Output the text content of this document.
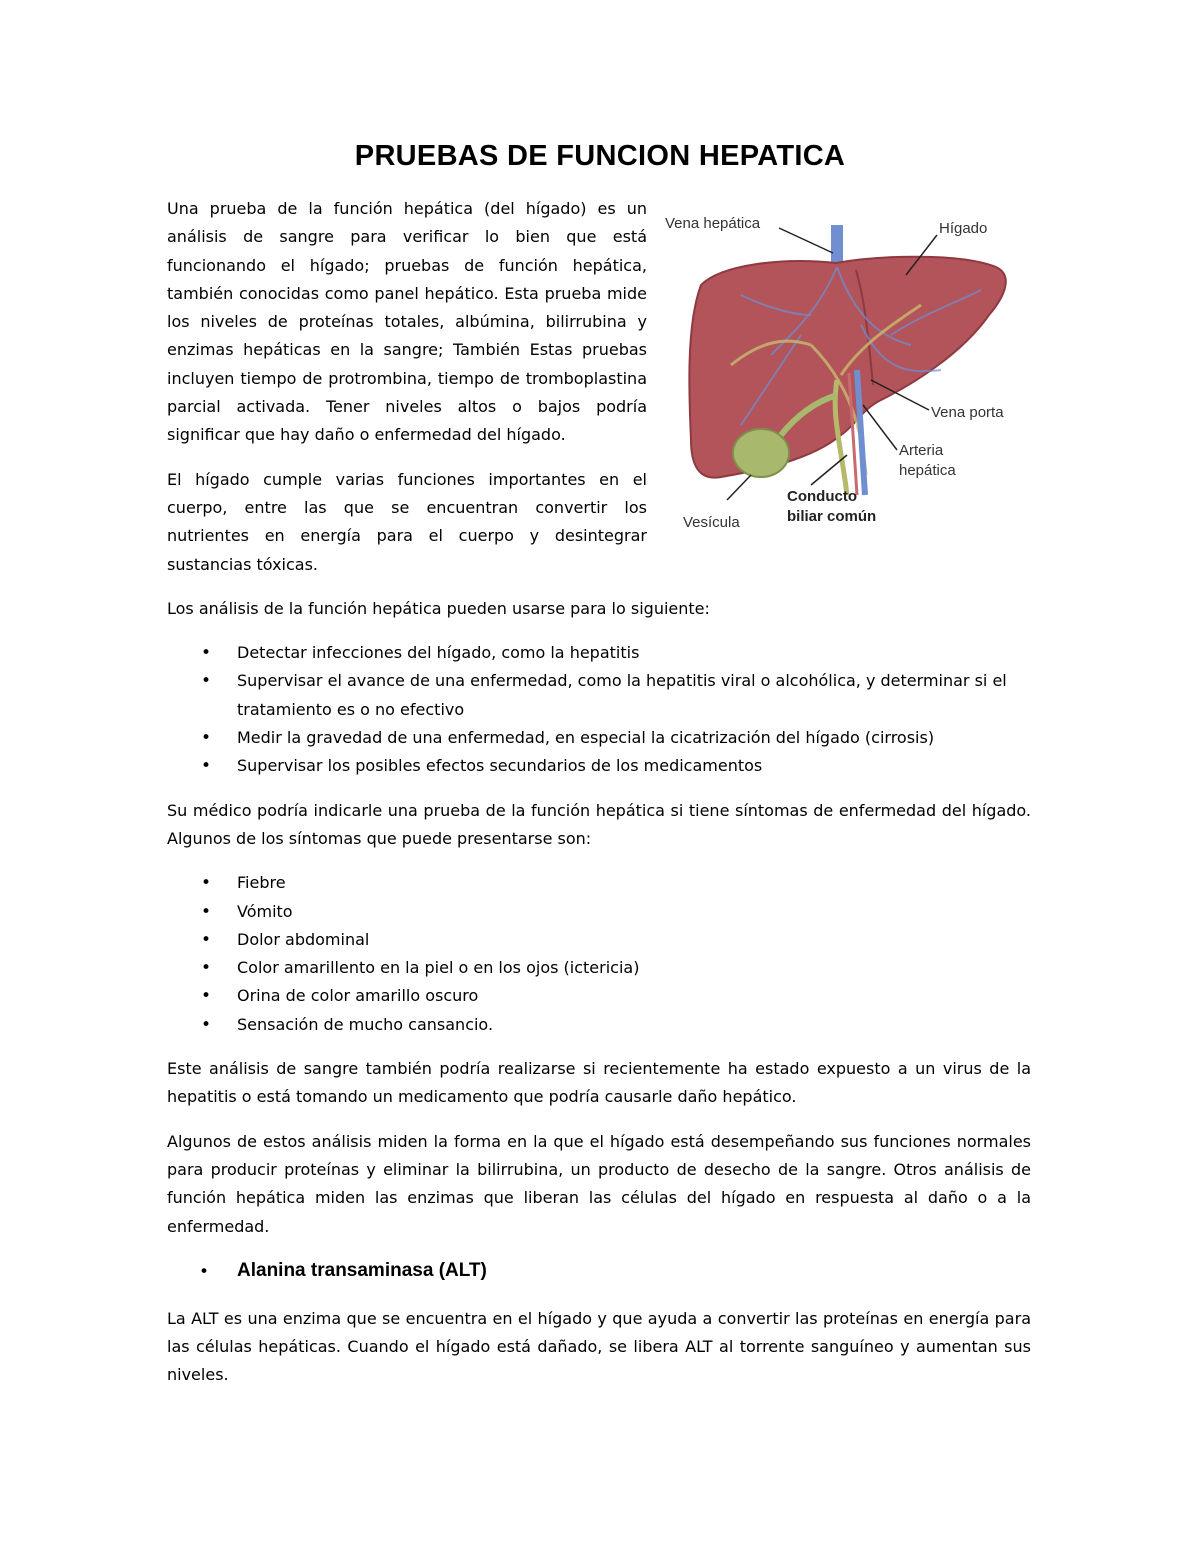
PRUEBAS DE FUNCION HEPATICA
Vena hepática	Hígado
Vena porta
Arteria
hepática
Conducto
biliar común
Vesícula

Una prueba de la función hepática (del hígado) es un análisis de sangre para verificar lo bien que está funcionando el hígado; pruebas de función hepática, también conocidas como panel hepático. Esta prueba mide los niveles de proteínas totales, albúmina, bilirrubina y enzimas hepáticas en la sangre; También Estas pruebas incluyen tiempo de protrombina, tiempo de tromboplastina parcial activada. Tener niveles altos o bajos podría significar que hay daño o enfermedad del hígado.

El hígado cumple varias funciones importantes en el cuerpo, entre las que se encuentran convertir los nutrientes en energía para el cuerpo y desintegrar sustancias tóxicas.

Los análisis de la función hepática pueden usarse para lo siguiente:

• Detectar infecciones del hígado, como la hepatitis
• Supervisar el avance de una enfermedad, como la hepatitis viral o alcohólica, y determinar si el tratamiento es o no efectivo
• Medir la gravedad de una enfermedad, en especial la cicatrización del hígado (cirrosis)
• Supervisar los posibles efectos secundarios de los medicamentos

Su médico podría indicarle una prueba de la función hepática si tiene síntomas de enfermedad del hígado. Algunos de los síntomas que puede presentarse son:

• Fiebre
• Vómito
• Dolor abdominal
• Color amarillento en la piel o en los ojos (ictericia)
• Orina de color amarillo oscuro
• Sensación de mucho cansancio.

Este análisis de sangre también podría realizarse si recientemente ha estado expuesto a un virus de la hepatitis o está tomando un medicamento que podría causarle daño hepático.

Algunos de estos análisis miden la forma en la que el hígado está desempeñando sus funciones normales para producir proteínas y eliminar la bilirrubina, un producto de desecho de la sangre. Otros análisis de función hepática miden las enzimas que liberan las células del hígado en respuesta al daño o a la enfermedad.

• Alanina transaminasa (ALT)

La ALT es una enzima que se encuentra en el hígado y que ayuda a convertir las proteínas en energía para las células hepáticas. Cuando el hígado está dañado, se libera ALT al torrente sanguíneo y aumentan sus niveles.
